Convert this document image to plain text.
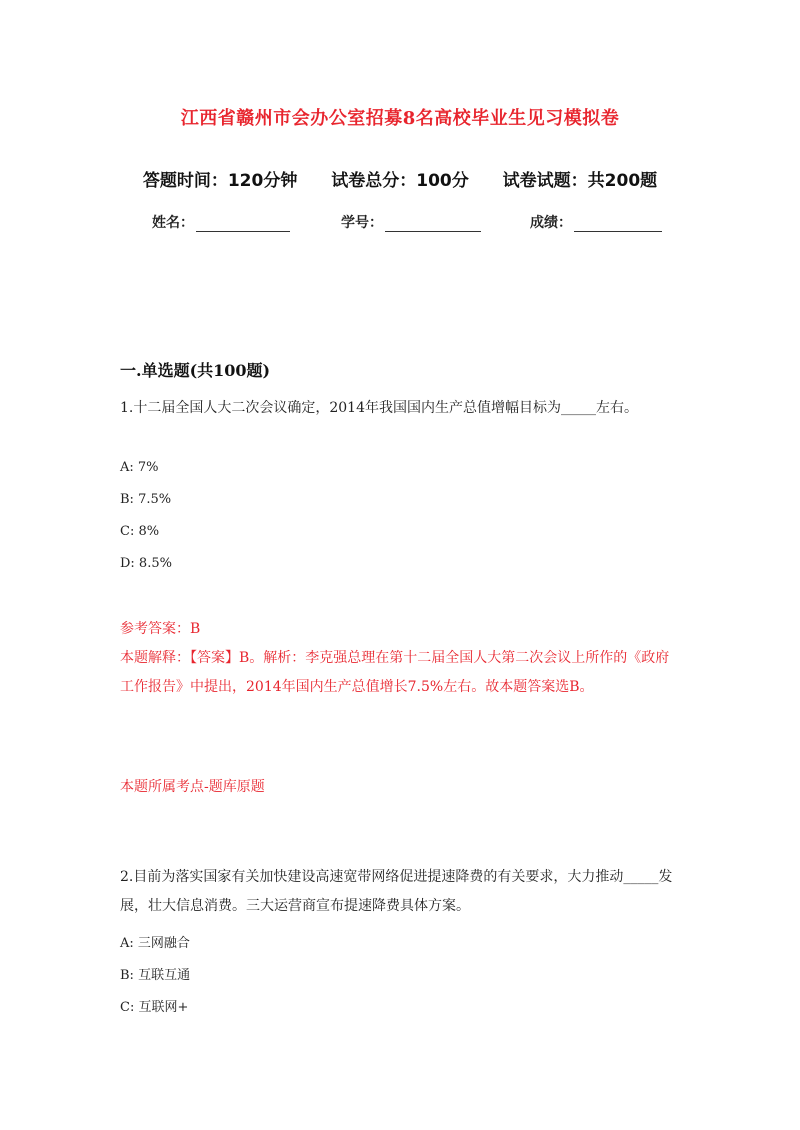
江西省赣州市会办公室招募8名高校毕业生见习模拟卷
答题时间：120分钟 试卷总分：100分 试卷试题：共200题
姓名：	学号：	成绩：
一.单选题(共100题)
1.十二届全国人大二次会议确定，2014年我国国内生产总值增幅目标为_____左右。
A: 7%
B: 7.5%
C: 8%
D: 8.5%
参考答案：B
本题解释：【答案】B。解析：李克强总理在第十二届全国人大第二次会议上所作的《政府工作报告》中提出，2014年国内生产总值增长7.5%左右。故本题答案选B。
本题所属考点-题库原题
2.目前为落实国家有关加快建设高速宽带网络促进提速降费的有关要求，大力推动_____发展，壮大信息消费。三大运营商宣布提速降费具体方案。
A: 三网融合
B: 互联互通
C: 互联网+
